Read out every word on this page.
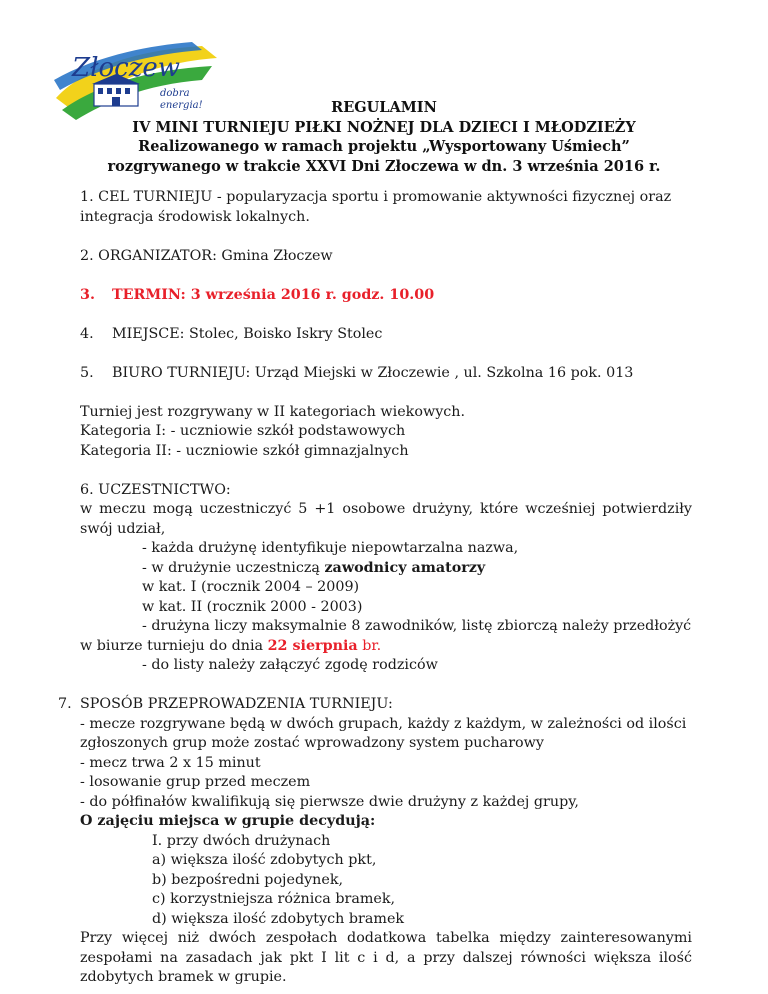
Złoczew
dobra
energia!	REGULAMIN
IV MINI TURNIEJU PIŁKI NOŻNEJ DLA DZIECI I MŁODZIEŻY
Realizowanego w ramach projektu „Wysportowany Uśmiech”
rozgrywanego w trakcie XXVI Dni Złoczewa w dn. 3 września 2016 r.

1. CEL TURNIEJU - popularyzacja sportu i promowanie aktywności fizycznej oraz

integracja środowisk lokalnych.

2. ORGANIZATOR: Gmina Złoczew

3. TERMIN: 3 września 2016 r. godz. 10.00

4. MIEJSCE: Stolec, Boisko Iskry Stolec

5. BIURO TURNIEJU: Urząd Miejski w Złoczewie , ul. Szkolna 16 pok. 013

Turniej jest rozgrywany w II kategoriach wiekowych.

Kategoria I: - uczniowie szkół podstawowych

Kategoria II: - uczniowie szkół gimnazjalnych

6. UCZESTNICTWO:

w meczu mogą uczestniczyć 5 +1 osobowe drużyny, które wcześniej potwierdziły

swój udział,

- każda drużynę identyfikuje niepowtarzalna nazwa,

- w drużynie uczestniczą zawodnicy amatorzy

w kat. I (rocznik 2004 – 2009)

w kat. II (rocznik 2000 - 2003)

- drużyna liczy maksymalnie 8 zawodników, listę zbiorczą należy przedłożyć

w biurze turnieju do dnia 22 sierpnia br.

- do listy należy załączyć zgodę rodziców

7. SPOSÓB PRZEPROWADZENIA TURNIEJU:

- mecze rozgrywane będą w dwóch grupach, każdy z każdym, w zależności od ilości

zgłoszonych grup może zostać wprowadzony system pucharowy

- mecz trwa 2 x 15 minut

- losowanie grup przed meczem

- do półfinałów kwalifikują się pierwsze dwie drużyny z każdej grupy,

O zajęciu miejsca w grupie decydują:

I. przy dwóch drużynach

a) większa ilość zdobytych pkt,

b) bezpośredni pojedynek,

c) korzystniejsza różnica bramek,

d) większa ilość zdobytych bramek

Przy więcej niż dwóch zespołach dodatkowa tabelka między zainteresowanymi

zespołami na zasadach jak pkt I lit c i d, a przy dalszej równości większa ilość

zdobytych bramek w grupie.
